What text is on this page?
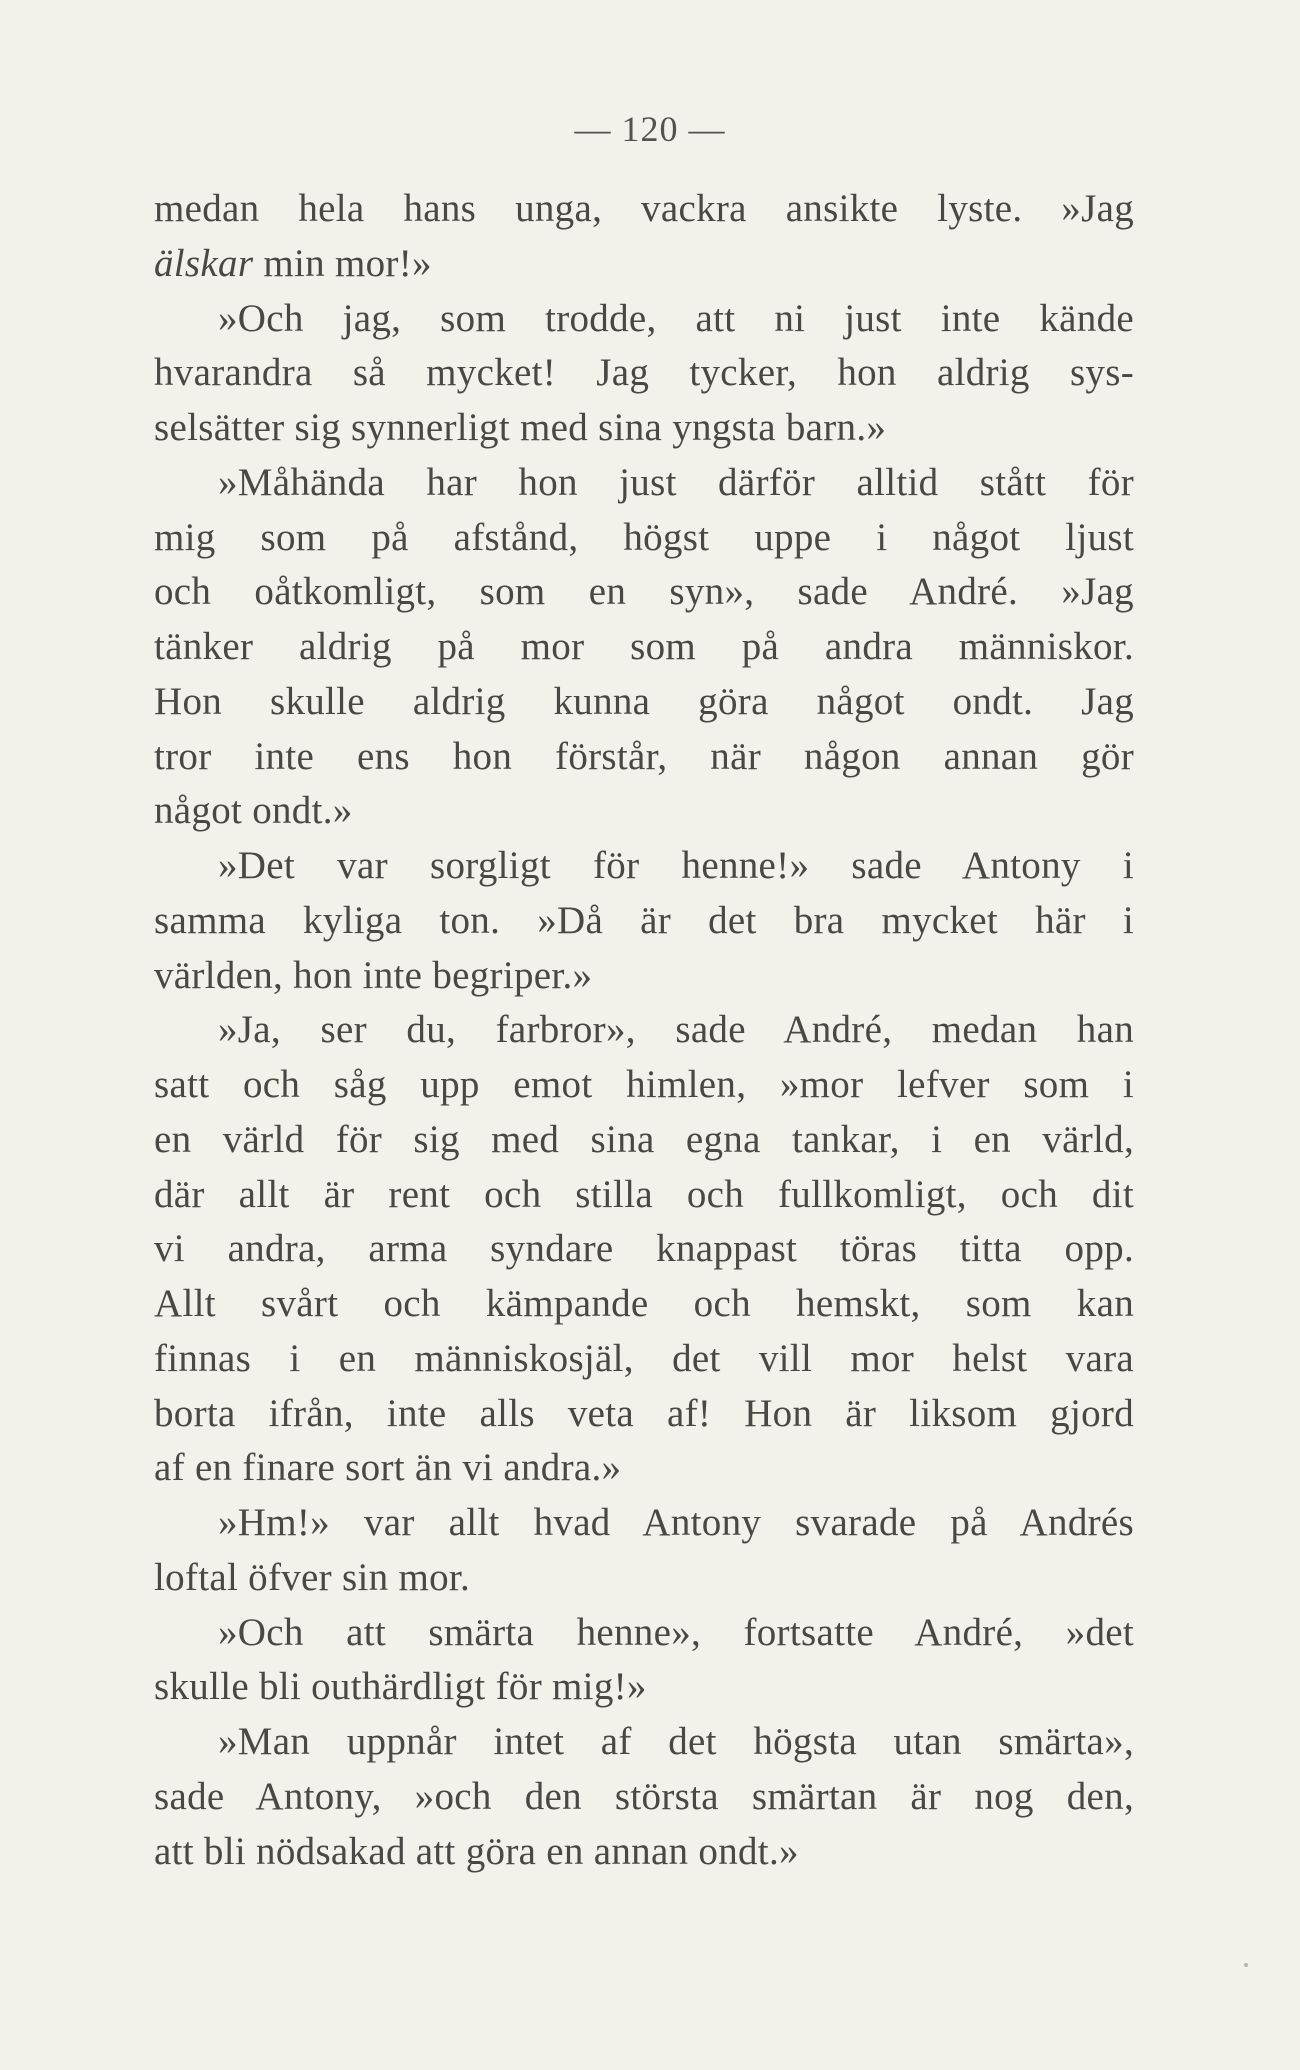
— 120 —
medan hela hans unga, vackra ansikte lyste. »Jag
älskar min mor!»
»Och jag, som trodde, att ni just inte kände
hvarandra så mycket! Jag tycker, hon aldrig sys-
selsätter sig synnerligt med sina yngsta barn.»
»Måhända har hon just därför alltid stått för
mig som på afstånd, högst uppe i något ljust
och oåtkomligt, som en syn», sade André. »Jag
tänker aldrig på mor som på andra människor.
Hon skulle aldrig kunna göra något ondt. Jag
tror inte ens hon förstår, när någon annan gör
något ondt.»
»Det var sorgligt för henne!» sade Antony i
samma kyliga ton. »Då är det bra mycket här i
världen, hon inte begriper.»
»Ja, ser du, farbror», sade André, medan han
satt och såg upp emot himlen, »mor lefver som i
en värld för sig med sina egna tankar, i en värld,
där allt är rent och stilla och fullkomligt, och dit
vi andra, arma syndare knappast töras titta opp.
Allt svårt och kämpande och hemskt, som kan
finnas i en människosjäl, det vill mor helst vara
borta ifrån, inte alls veta af! Hon är liksom gjord
af en finare sort än vi andra.»
»Hm!» var allt hvad Antony svarade på Andrés
loftal öfver sin mor.
»Och att smärta henne», fortsatte André, »det
skulle bli outhärdligt för mig!»
»Man uppnår intet af det högsta utan smärta»,
sade Antony, »och den största smärtan är nog den,
att bli nödsakad att göra en annan ondt.»
